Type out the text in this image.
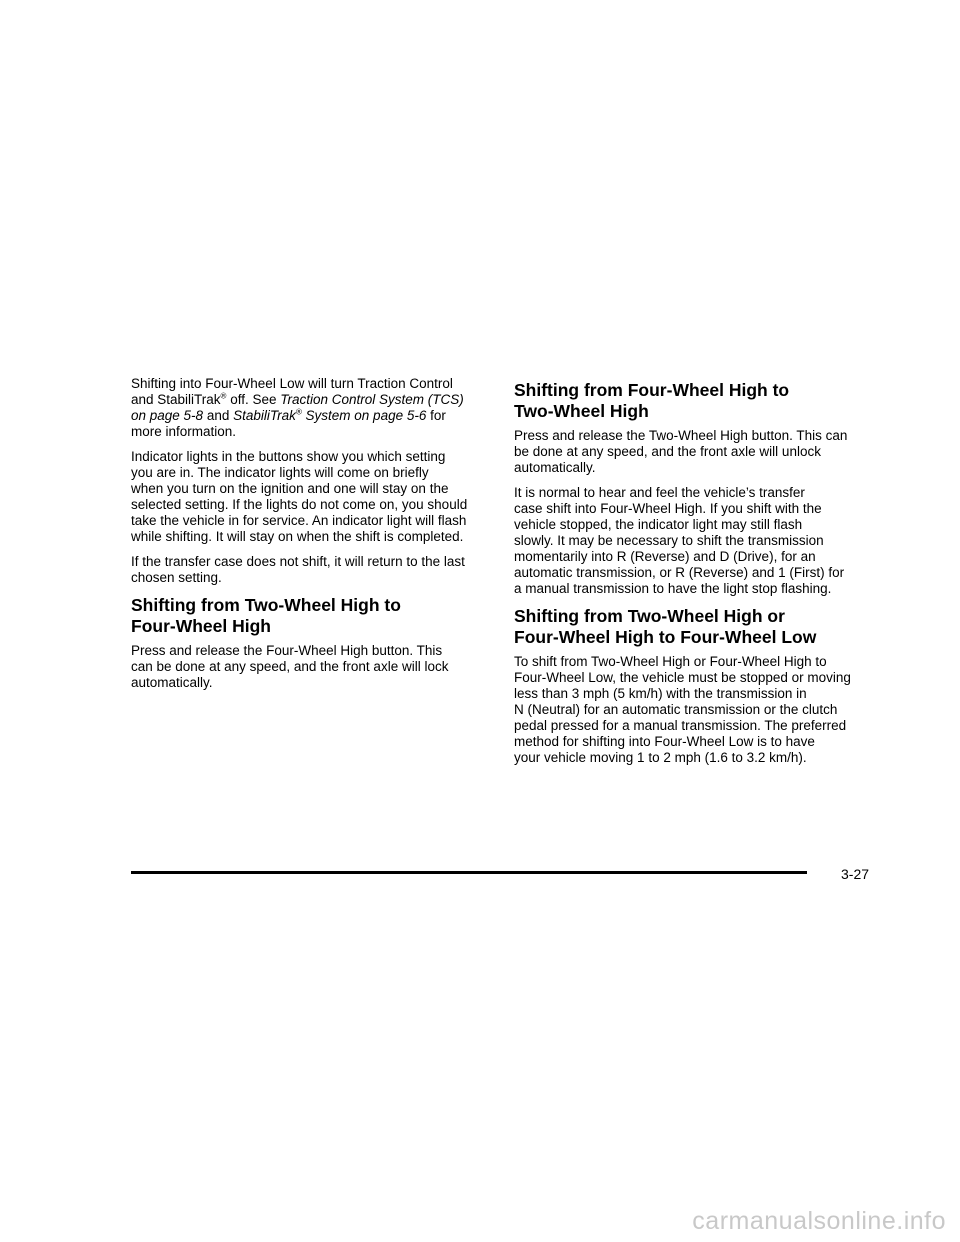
Shifting into Four-Wheel Low will turn Traction Control
and StabiliTrak® off. See Traction Control System (TCS)
on page 5-8 and StabiliTrak® System on page 5-6 for
more information.

Indicator lights in the buttons show you which setting
you are in. The indicator lights will come on briefly
when you turn on the ignition and one will stay on the
selected setting. If the lights do not come on, you should
take the vehicle in for service. An indicator light will flash
while shifting. It will stay on when the shift is completed.

If the transfer case does not shift, it will return to the last
chosen setting.

Shifting from Two-Wheel High to
Four-Wheel High

Press and release the Four-Wheel High button. This
can be done at any speed, and the front axle will lock
automatically.

Shifting from Four-Wheel High to
Two-Wheel High

Press and release the Two-Wheel High button. This can
be done at any speed, and the front axle will unlock
automatically.

It is normal to hear and feel the vehicle’s transfer
case shift into Four-Wheel High. If you shift with the
vehicle stopped, the indicator light may still flash
slowly. It may be necessary to shift the transmission
momentarily into R (Reverse) and D (Drive), for an
automatic transmission, or R (Reverse) and 1 (First) for
a manual transmission to have the light stop flashing.

Shifting from Two-Wheel High or
Four-Wheel High to Four-Wheel Low

To shift from Two-Wheel High or Four-Wheel High to
Four-Wheel Low, the vehicle must be stopped or moving
less than 3 mph (5 km/h) with the transmission in
N (Neutral) for an automatic transmission or the clutch
pedal pressed for a manual transmission. The preferred
method for shifting into Four-Wheel Low is to have
your vehicle moving 1 to 2 mph (1.6 to 3.2 km/h).

3-27

carmanualsonline.info
